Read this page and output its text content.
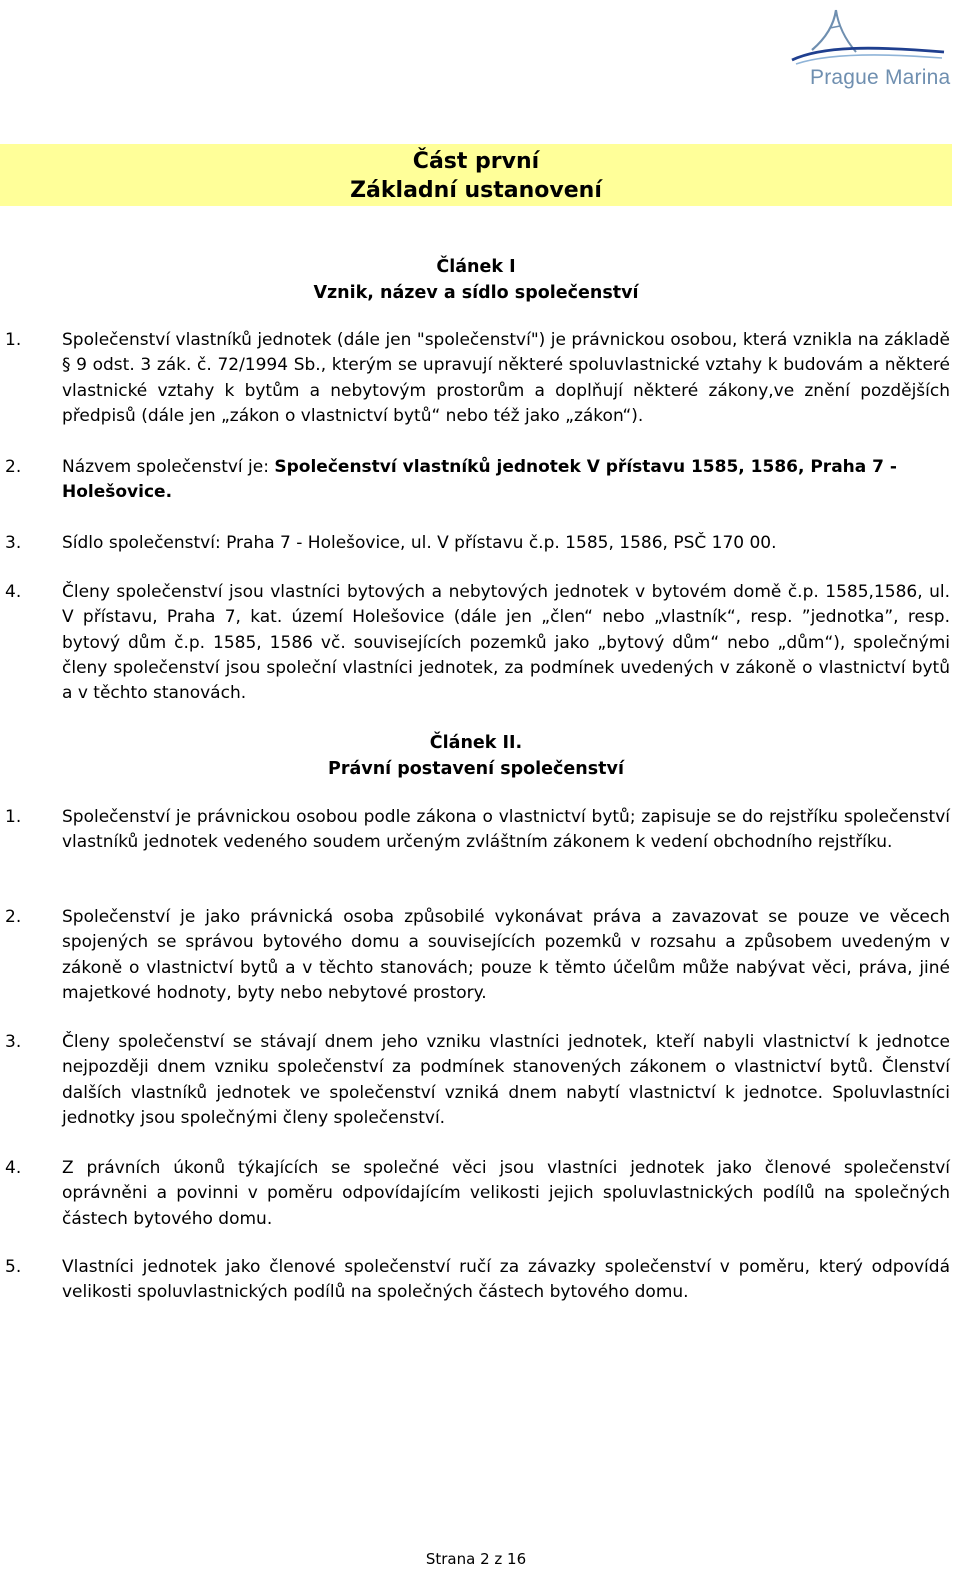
Prague Marina
Část první
Základní ustanovení
Článek I
Vznik, název a sídlo společenství
1. Společenství vlastníků jednotek (dále jen "společenství") je právnickou osobou, která vznikla na základě § 9 odst. 3 zák. č. 72/1994 Sb., kterým se upravují některé spoluvlastnické vztahy k budovám a některé vlastnické vztahy k bytům a nebytovým prostorům a doplňují některé zákony,ve znění pozdějších předpisů (dále jen „zákon o vlastnictví bytů“ nebo též jako „zákon“).
2. Názvem společenství je: Společenství vlastníků jednotek V přístavu 1585, 1586, Praha 7 - Holešovice.
3. Sídlo společenství: Praha 7 - Holešovice, ul. V přístavu č.p. 1585, 1586, PSČ 170 00.
4. Členy společenství jsou vlastníci bytových a nebytových jednotek v bytovém domě č.p. 1585,1586, ul. V přístavu, Praha 7, kat. území Holešovice (dále jen „člen“ nebo „vlastník“, resp. ”jednotka”, resp. bytový dům č.p. 1585, 1586 vč. souvisejících pozemků jako „bytový dům“ nebo „dům“), společnými členy společenství jsou společní vlastníci jednotek, za podmínek uvedených v zákoně o vlastnictví bytů a v těchto stanovách.
Článek II.
Právní postavení společenství
1. Společenství je právnickou osobou podle zákona o vlastnictví bytů; zapisuje se do rejstříku společenství vlastníků jednotek vedeného soudem určeným zvláštním zákonem k vedení obchodního rejstříku.
2. Společenství je jako právnická osoba způsobilé vykonávat práva a zavazovat se pouze ve věcech spojených se správou bytového domu a souvisejících pozemků v rozsahu a způsobem uvedeným v zákoně o vlastnictví bytů a v těchto stanovách; pouze k těmto účelům může nabývat věci, práva, jiné majetkové hodnoty, byty nebo nebytové prostory.
3. Členy společenství se stávají dnem jeho vzniku vlastníci jednotek, kteří nabyli vlastnictví k jednotce nejpozději dnem vzniku společenství za podmínek stanovených zákonem o vlastnictví bytů. Členství dalších vlastníků jednotek ve společenství vzniká dnem nabytí vlastnictví k jednotce. Spoluvlastníci jednotky jsou společnými členy společenství.
4. Z právních úkonů týkajících se společné věci jsou vlastníci jednotek jako členové společenství oprávněni a povinni v poměru odpovídajícím velikosti jejich spoluvlastnických podílů na společných částech bytového domu.
5. Vlastníci jednotek jako členové společenství ručí za závazky společenství v poměru, který odpovídá velikosti spoluvlastnických podílů na společných částech bytového domu.
Strana 2 z 16
